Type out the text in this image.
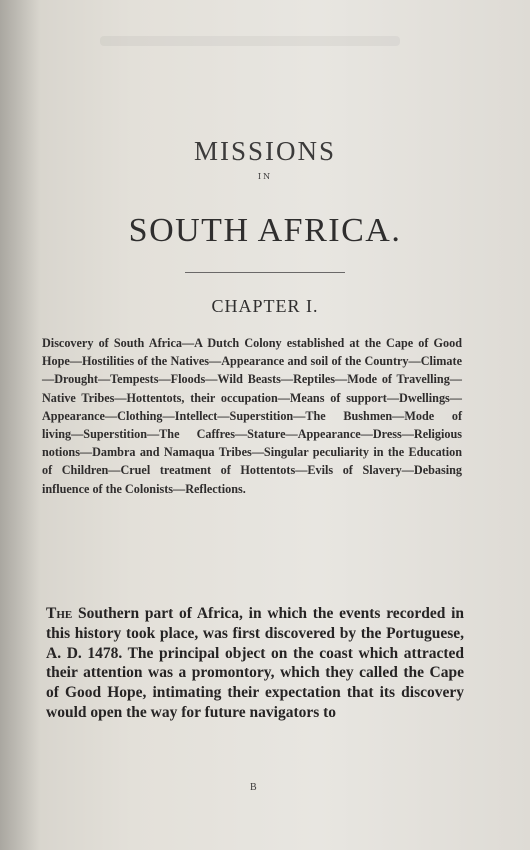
MISSIONS
IN
SOUTH AFRICA.
CHAPTER I.

Discovery of South Africa—A Dutch Colony established at the Cape of Good Hope—Hostilities of the Natives—Appearance and soil of the Country—Climate—Drought—Tempests—Floods—Wild Beasts—Reptiles—Mode of Travelling—Native Tribes—Hottentots, their occupation—Means of support—Dwellings—Appearance—Clothing—Intellect—Superstition—The Bushmen—Mode of living—Superstition—The Caffres—Stature—Appearance—Dress—Religious notions—Dambra and Namaqua Tribes—Singular peculiarity in the Education of Children—Cruel treatment of Hottentots—Evils of Slavery—Debasing influence of the Colonists—Reflections.

The Southern part of Africa, in which the events recorded in this history took place, was first discovered by the Portuguese, A. D. 1478. The principal object on the coast which attracted their attention was a promontory, which they called the Cape of Good Hope, intimating their expectation that its discovery would open the way for future navigators to

B
